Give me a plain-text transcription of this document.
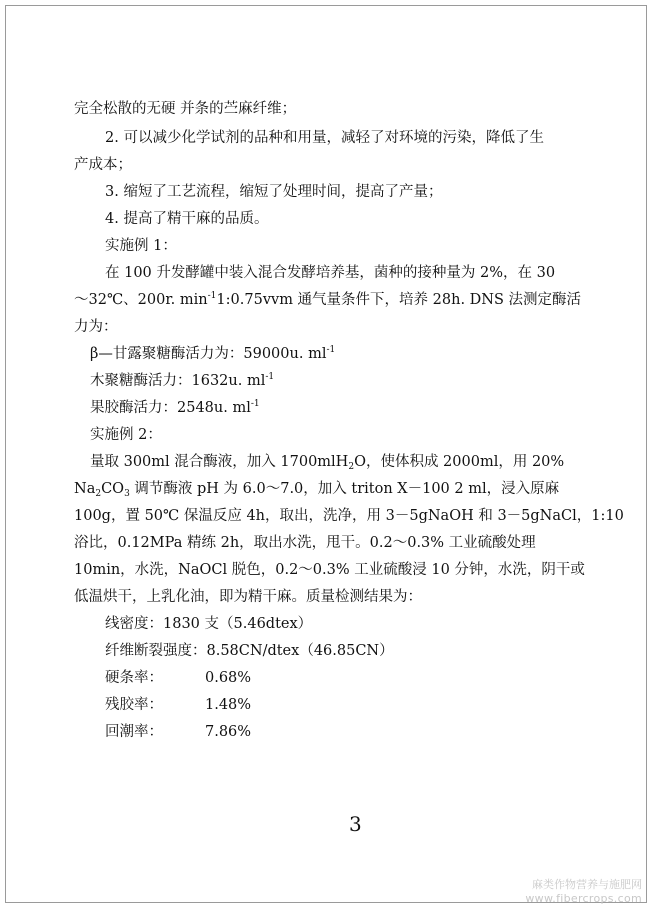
完全松散的无硬 并条的苎麻纤维；
2. 可以减少化学试剂的品种和用量，减轻了对环境的污染，降低了生
产成本；
3. 缩短了工艺流程，缩短了处理时间，提高了产量；
4. 提高了精干麻的品质。
实施例 1：
在 100 升发酵罐中装入混合发酵培养基，菌种的接种量为 2%，在 30
～32℃、200r. $\min^{-1}1:0.75vvm$ 通气量条件下，培养 28h. DNS 法测定酶活
力为：
β—甘露聚糖酶活力为：59000u. $ml^{-1}$
木聚糖酶活力：1632u. $ml^{-1}$
果胶酶活力：2548u. $ml^{-1}$
实施例 2：
量取 300ml 混合酶液，加入 1700mlH$_2$O，使体积成 2000ml，用 20%
$Na_2CO_3$ 调节酶液 pH 为 6.0～7.0，加入 triton X－100 2 ml，浸入原麻
100g，置 50℃ 保温反应 4h，取出，洗净，用 3－5gNaOH 和 3－5gNaCl，1:10
浴比，0.12MPa 精练 2h，取出水洗，甩干。0.2～0.3% 工业硫酸处理
10min，水洗，NaOCl 脱色，0.2～0.3% 工业硫酸浸 10 分钟，水洗，阴干或
低温烘干，上乳化油，即为精干麻。质量检测结果为：
线密度：1830 支（5.46dtex）
纤维断裂强度：8.58CN/dtex（46.85CN）
硬条率：	0.68%
残胶率：	1.48%
回潮率：	7.86%
3
麻类作物营养与施肥网
www.fibercrops.com
